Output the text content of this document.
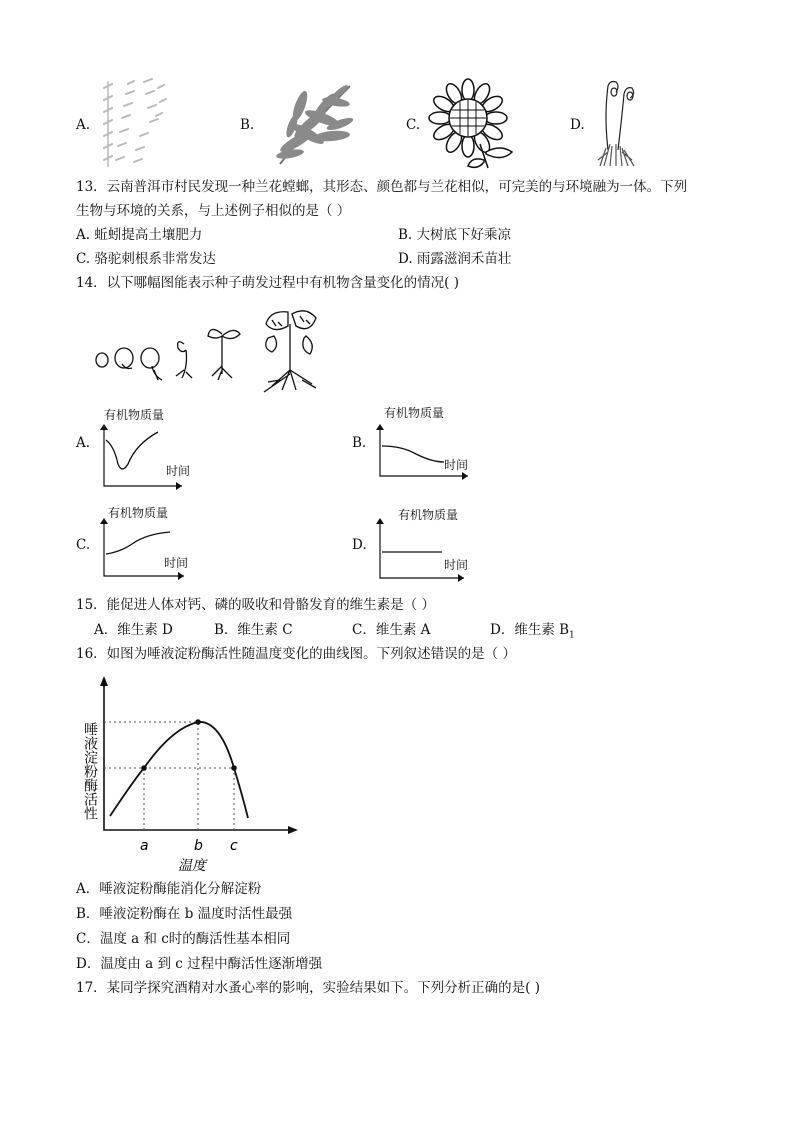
A.	B.	C.	D.
13．云南普洱市村民发现一种兰花螳螂，其形态、颜色都与兰花相似，可完美的与环境融为一体。下列
生物与环境的关系，与上述例子相似的是（ ）
A. 蚯蚓提高土壤肥力	B. 大树底下好乘凉
C. 骆驼刺根系非常发达	D. 雨露滋润禾苗壮
14．以下哪幅图能表示种子萌发过程中有机物含量变化的情况( )
A.
有机物质量
时间
B.
有机物质量
时间
C.
有机物质量
时间
D.
有机物质量
时间
15．能促进人体对钙、磷的吸收和骨骼发育的维生素是（ ）
A．维生素 D	B．维生素 C	C．维生素 A	D．维生素 $B_1$
16．如图为唾液淀粉酶活性随温度变化的曲线图。下列叙述错误的是（ ）
唾液淀粉酶活性
a	b c
温度
A．唾液淀粉酶能消化分解淀粉
B．唾液淀粉酶在 b 温度时活性最强
C．温度 a 和 c时的酶活性基本相同
D．温度由 a 到 c 过程中酶活性逐渐增强
17．某同学探究酒精对水蚤心率的影响，实验结果如下。下列分析正确的是( )
